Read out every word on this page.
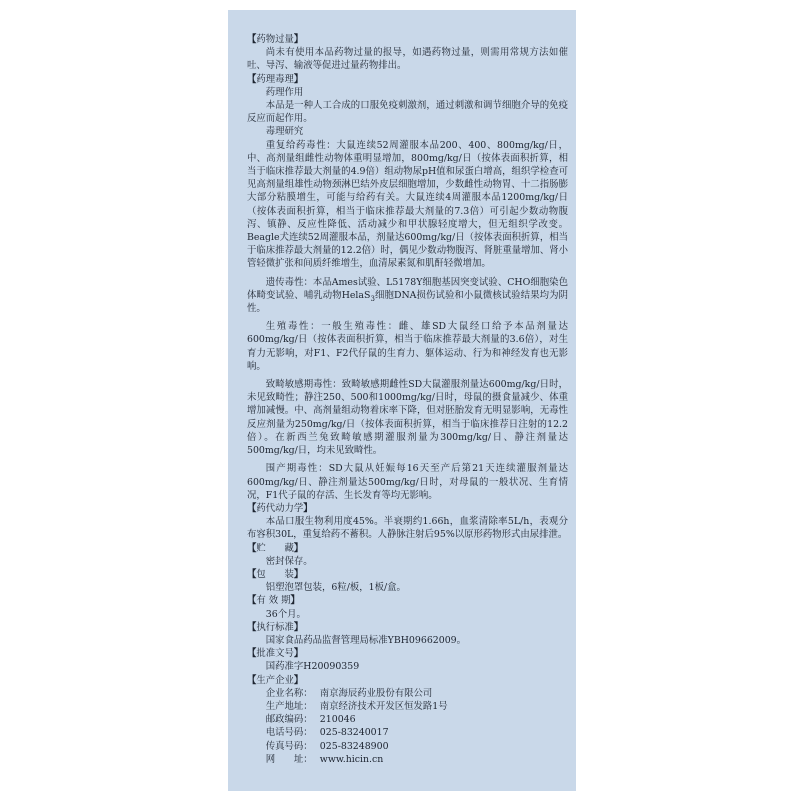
【药物过量】

尚未有使用本品药物过量的报导，如遇药物过量，则需用常规方法如催吐、导泻、输液等促进过量药物排出。

【药理毒理】

药理作用

本品是一种人工合成的口服免疫刺激剂，通过刺激和调节细胞介导的免疫反应而起作用。

毒理研究

重复给药毒性：大鼠连续52周灌服本品200、400、800mg/kg/日，中、高剂量组雌性动物体重明显增加，800mg/kg/日（按体表面积折算，相当于临床推荐最大剂量的4.9倍）组动物尿pH值和尿蛋白增高，组织学检查可见高剂量组雄性动物颈淋巴结外皮层细胞增加，少数雌性动物胃、十二指肠膨大部分粘膜增生，可能与给药有关。大鼠连续4周灌服本品1200mg/kg/日（按体表面积折算，相当于临床推荐最大剂量的7.3倍）可引起少数动物腹泻、镇静、反应性降低、活动减少和甲状腺轻度增大，但无组织学改变。Beagle犬连续52周灌服本品，剂量达600mg/kg/日（按体表面积折算，相当于临床推荐最大剂量的12.2倍）时，偶见少数动物腹泻、肾脏重量增加、肾小管轻微扩张和间质纤维增生，血清尿素氮和肌酐轻微增加。

遗传毒性：本品Ames试验、L5178Y细胞基因突变试验、CHO细胞染色体畸变试验、哺乳动物HelaS$_3$细胞DNA损伤试验和小鼠微核试验结果均为阴性。

生殖毒性：一般生殖毒性：雌、雄SD大鼠经口给予本品剂量达600mg/kg/日（按体表面积折算，相当于临床推荐最大剂量的3.6倍），对生育力无影响，对F1、F2代仔鼠的生育力、躯体运动、行为和神经发育也无影响。

致畸敏感期毒性：致畸敏感期雌性SD大鼠灌服剂量达600mg/kg/日时，未见致畸性；静注250、500和1000mg/kg/日时，母鼠的摄食量减少、体重增加减慢。中、高剂量组动物着床率下降，但对胚胎发育无明显影响，无毒性反应剂量为250mg/kg/日（按体表面积折算，相当于临床推荐日注射的12.2倍）。在新西兰兔致畸敏感期灌服剂量为300mg/kg/日、静注剂量达500mg/kg/日，均未见致畸性。

围产期毒性：SD大鼠从妊娠每16天至产后第21天连续灌服剂量达600mg/kg/日、静注剂量达500mg/kg/日时，对母鼠的一般状况、生育情况，F1代子鼠的存活、生长发育等均无影响。

【药代动力学】

本品口服生物利用度45%。半衰期约1.66h，血浆清除率5L/h，表观分布容积30L，重复给药不蓄积。人静脉注射后95%以原形药物形式由尿排泄。

【贮　　藏】

密封保存。

【包　　装】

铝塑泡罩包装，6粒/板，1板/盒。

【有 效 期】

36个月。

【执行标准】

国家食品药品监督管理局标准YBH09662009。

【批准文号】

国药准字H20090359

【生产企业】
企业名称： 南京海辰药业股份有限公司
生产地址： 南京经济技术开发区恒发路1号
邮政编码： 210046
电话号码： 025-83240017
传真号码： 025-83248900
网　　址： www.hicin.cn
